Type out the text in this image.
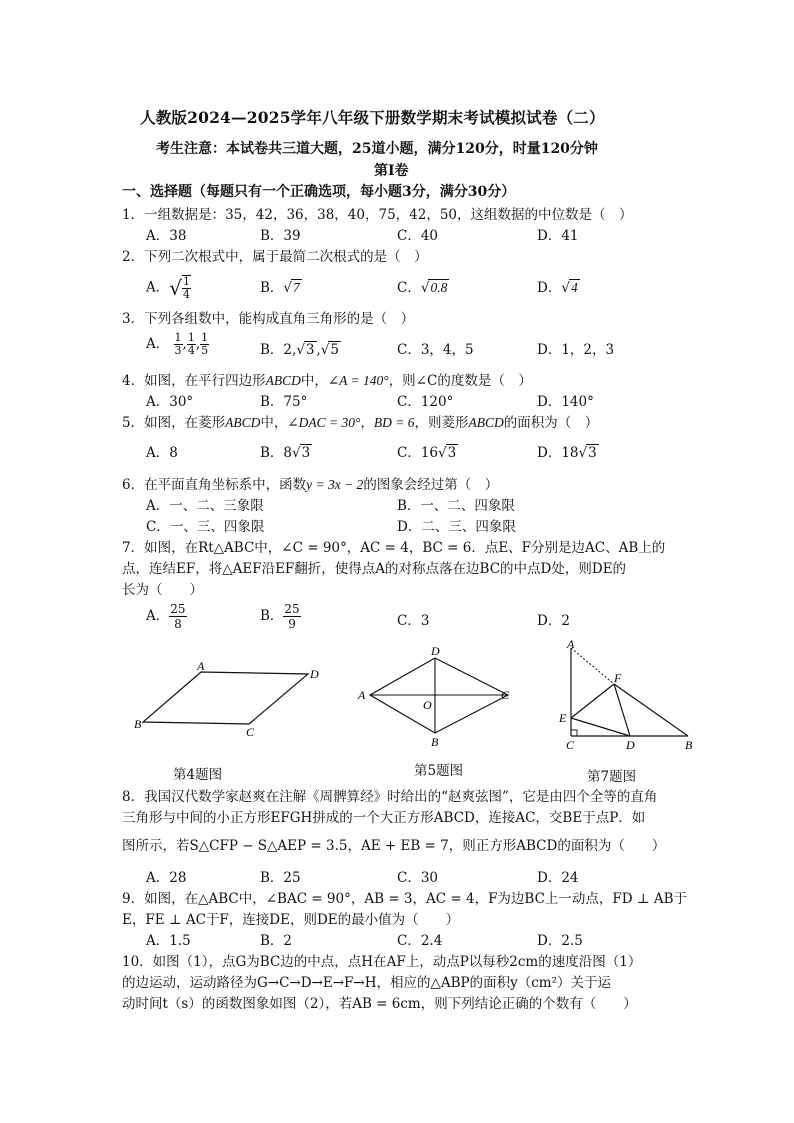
人教版2024—2025学年八年级下册数学期末考试模拟试卷（二）
考生注意：本试卷共三道大题，25道小题，满分120分，时量120分钟
第Ⅰ卷
一、选择题（每题只有一个正确选项，每小题3分，满分30分）
1．一组数据是：35，42，36，38，40，75，42，50，这组数据的中位数是（　）
A．38	B．39	C．40	D．41
2．下列二次根式中，属于最简二次根式的是（　）
A．√ $\frac{1}{4}$	B．√7	C．√0.8	D．√4
3．下列各组数中，能构成直角三角形的是（　）
A． $\frac{1}{3}$ , $\frac{1}{4}$ , $\frac{1}{5}$	B．2,√3 ,√5	C．3，4，5	D．1，2，3
4．如图，在平行四边形ABCD中，∠A = 140°，则∠C的度数是（　）
A．30°	B．75°	C．120°	D．140°
5．如图，在菱形ABCD中，∠DAC = 30°，BD = 6，则菱形ABCD的面积为（　）
A．8	B．8√3	C．16√3	D．18√3
6．在平面直角坐标系中，函数y = 3x − 2的图象会经过第（　）
A．一、二、三象限	B．一、二、四象限
C．一、三、四象限	D．二、三、四象限
7．如图，在Rt△ABC中，∠C = 90°，AC = 4，BC = 6．点E、F分别是边AC、AB上的
点，连结EF，将△AEF沿EF翻折，使得点A的对称点落在边BC的中点D处，则DE的
长为（　　）
A． $\frac{25}{8}$	B． $\frac{25}{9}$	C．3	D．2
A
D
B
C
第4题图
D
A	C
O
B
第5题图
A
F
E
C	D	B
第7题图
8．我国汉代数学家赵爽在注解《周髀算经》时给出的“赵爽弦图”，它是由四个全等的直角
三角形与中间的小正方形EFGH拼成的一个大正方形ABCD，连接AC，交BE于点P．如
图所示，若S△CFP − S△AEP = 3.5，AE + EB = 7，则正方形ABCD的面积为（　　）
A．28	B．25	C．30	D．24
9．如图，在△ABC中，∠BAC = 90°，AB = 3，AC = 4，F为边BC上一动点，FD ⊥ AB于
E，FE ⊥ AC于F，连接DE，则DE的最小值为（　　）
A．1.5	B．2	C．2.4	D．2.5
10．如图（1），点G为BC边的中点，点H在AF上，动点P以每秒2cm的速度沿图（1）
的边运动，运动路径为G→C→D→E→F→H，相应的△ABP的面积y（cm²）关于运
动时间t（s）的函数图象如图（2），若AB = 6cm，则下列结论正确的个数有（　　）
